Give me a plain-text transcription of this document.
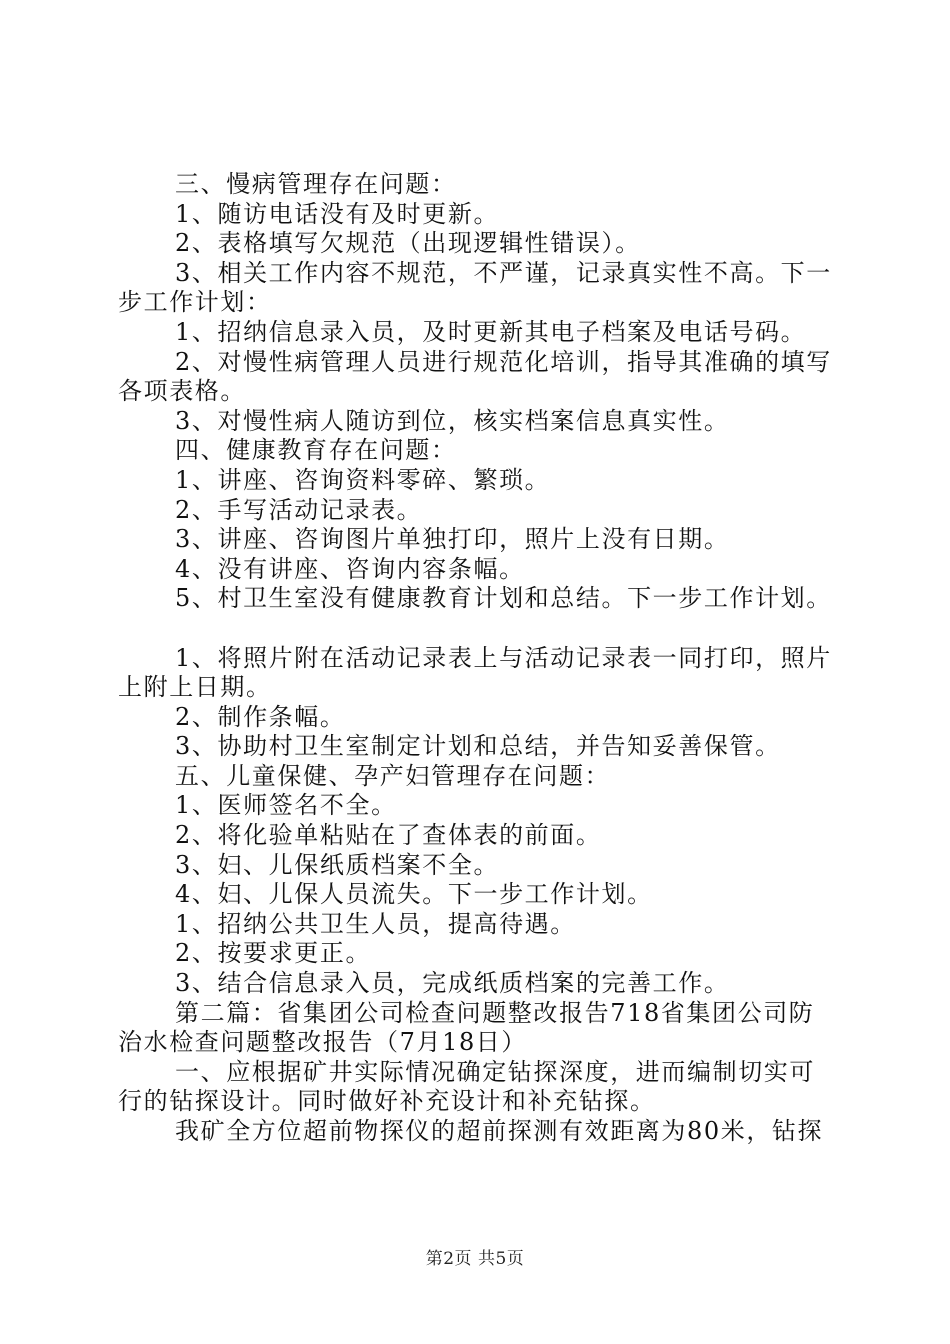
三、慢病管理存在问题：
1、随访电话没有及时更新。
2、表格填写欠规范（出现逻辑性错误）。
3、相关工作内容不规范，不严谨，记录真实性不高。下一
步工作计划：
1、招纳信息录入员，及时更新其电子档案及电话号码。
2、对慢性病管理人员进行规范化培训，指导其准确的填写
各项表格。
3、对慢性病人随访到位，核实档案信息真实性。
四、健康教育存在问题：
1、讲座、咨询资料零碎、繁琐。
2、手写活动记录表。
3、讲座、咨询图片单独打印，照片上没有日期。
4、没有讲座、咨询内容条幅。
5、村卫生室没有健康教育计划和总结。下一步工作计划。
1、将照片附在活动记录表上与活动记录表一同打印，照片
上附上日期。
2、制作条幅。
3、协助村卫生室制定计划和总结，并告知妥善保管。
五、儿童保健、孕产妇管理存在问题：
1、医师签名不全。
2、将化验单粘贴在了查体表的前面。
3、妇、儿保纸质档案不全。
4、妇、儿保人员流失。下一步工作计划。
1、招纳公共卫生人员，提高待遇。
2、按要求更正。
3、结合信息录入员，完成纸质档案的完善工作。
第二篇：省集团公司检查问题整改报告718省集团公司防
治水检查问题整改报告（7月18日）
一、应根据矿井实际情况确定钻探深度，进而编制切实可
行的钻探设计。同时做好补充设计和补充钻探。
我矿全方位超前物探仪的超前探测有效距离为80米，钻探
第2页 共5页
